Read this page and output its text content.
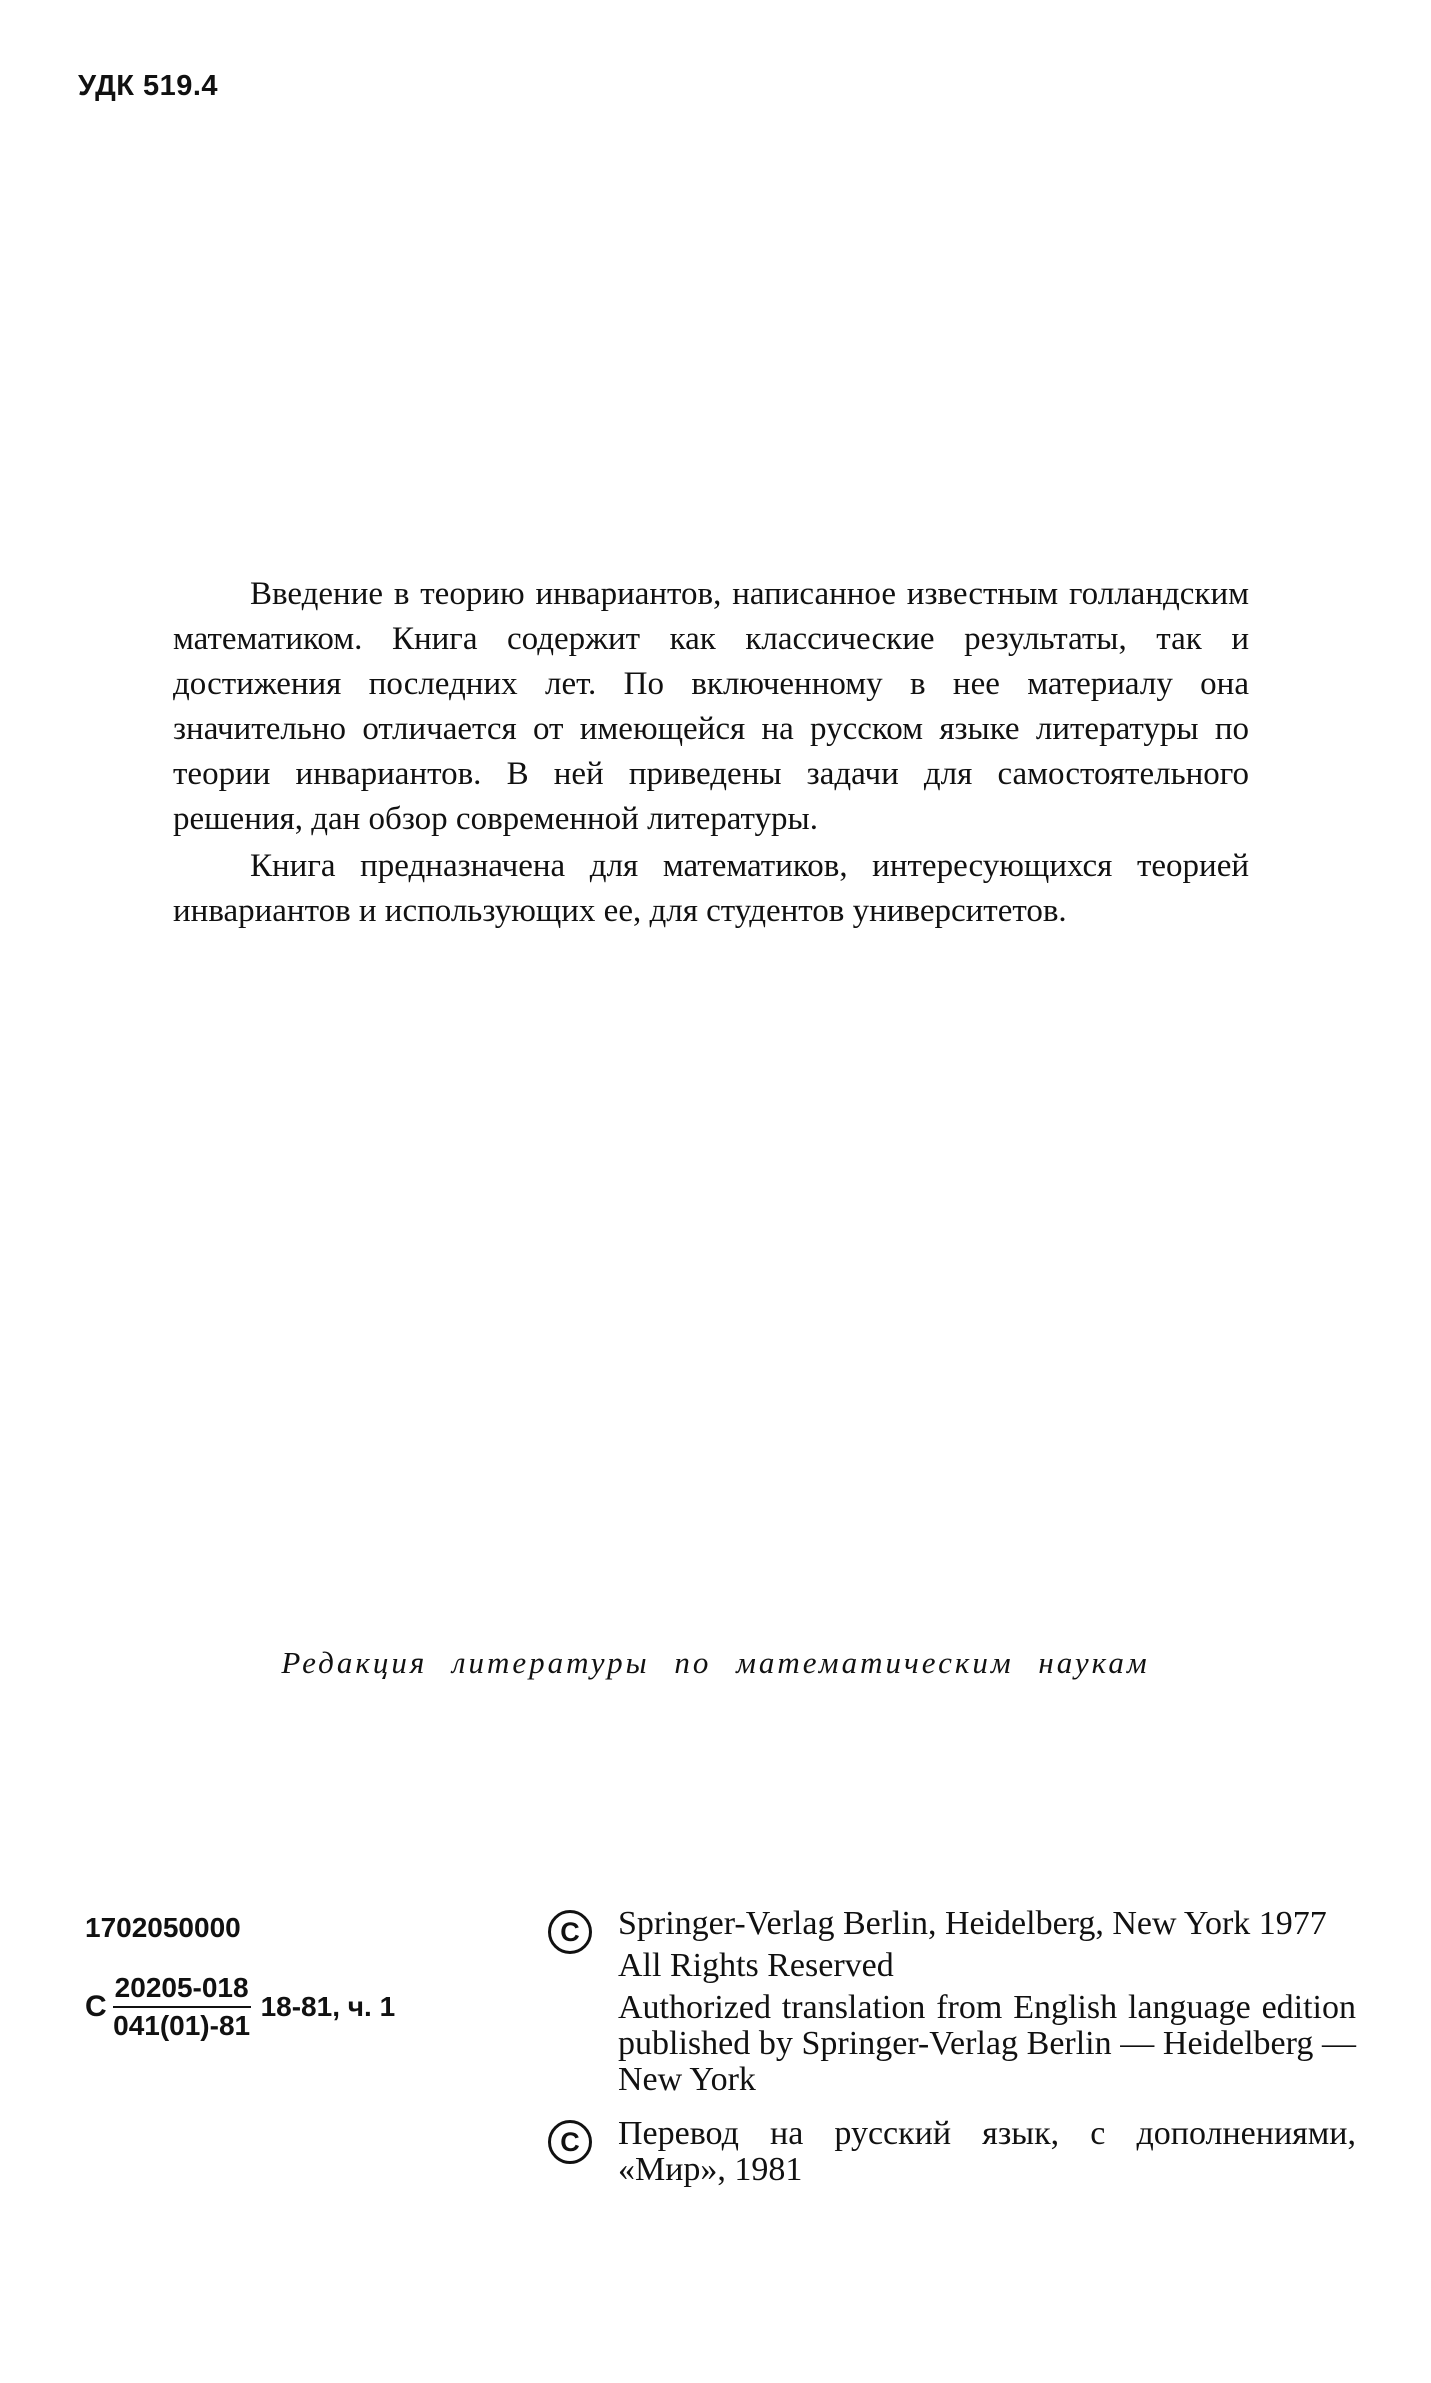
УДК 519.4

Введение в теорию инвариантов, написанное известным голландским математиком. Книга содержит как классические результаты, так и достижения последних лет. По включенному в нее материалу она значительно отличается от имеющейся на русском языке литературы по теории инвариантов. В ней приведены задачи для самостоятельного решения, дан обзор современной литературы.

Книга предназначена для математиков, интересующихся теорией инвариантов и использующих ее, для студентов университетов.

Редакция литературы по математическим наукам
1702050000
С $\frac{20205-018}{041(01)-81} 18-81$, ч. 1
C	Springer-Verlag Berlin, Heidelberg, New York 1977

All Rights Reserved

Authorized translation from English language edition published by Springer-Verlag Berlin — Heidelberg — New York

C	Перевод на русский язык, с дополнениями, «Мир», 1981
